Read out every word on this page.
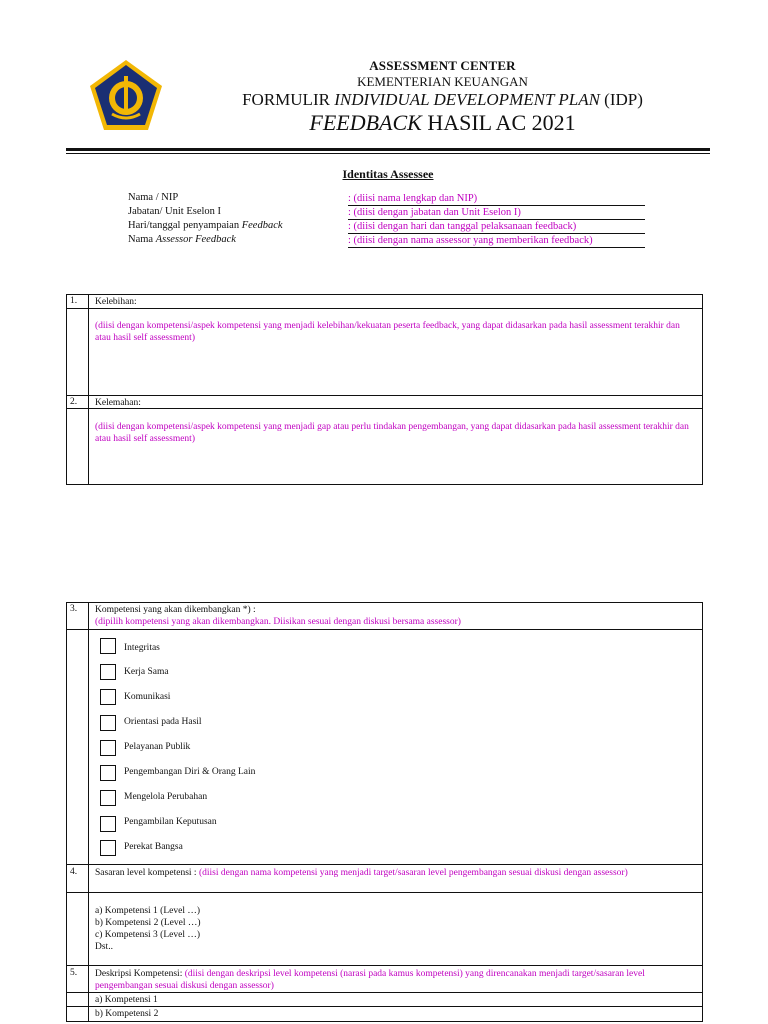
ASSESSMENT CENTER
KEMENTERIAN KEUANGAN
FORMULIR INDIVIDUAL DEVELOPMENT PLAN (IDP)
FEEDBACK HASIL AC 2021
Identitas Assessee
Nama / NIP	: (diisi nama lengkap dan NIP)
Jabatan/ Unit Eselon I	: (diisi dengan jabatan dan Unit Eselon I)
Hari/tanggal penyampaian Feedback	: (diisi dengan hari dan tanggal pelaksanaan feedback)
Nama Assessor Feedback	: (diisi dengan nama assessor yang memberikan feedback)
1. Kelebihan:
(diisi dengan kompetensi/aspek kompetensi yang menjadi kelebihan/kekuatan peserta feedback, yang dapat didasarkan pada hasil assessment terakhir dan atau hasil self assessment)
2. Kelemahan:
(diisi dengan kompetensi/aspek kompetensi yang menjadi gap atau perlu tindakan pengembangan, yang dapat didasarkan pada hasil assessment terakhir dan atau hasil self assessment)
3. Kompetensi yang akan dikembangkan *) :
(dipilih kompetensi yang akan dikembangkan. Diisikan sesuai dengan diskusi bersama assessor)
Integritas
Kerja Sama
Komunikasi
Orientasi pada Hasil
Pelayanan Publik
Pengembangan Diri & Orang Lain
Mengelola Perubahan
Pengambilan Keputusan
Perekat Bangsa
4. Sasaran level kompetensi : (diisi dengan nama kompetensi yang menjadi target/sasaran level pengembangan sesuai diskusi dengan assessor)
a) Kompetensi 1 (Level …)
b) Kompetensi 2 (Level …)
c) Kompetensi 3 (Level …)
Dst..
5. Deskripsi Kompetensi: (diisi dengan deskripsi level kompetensi (narasi pada kamus kompetensi) yang direncanakan menjadi target/sasaran level pengembangan sesuai diskusi dengan assessor)
a) Kompetensi 1
b) Kompetensi 2
